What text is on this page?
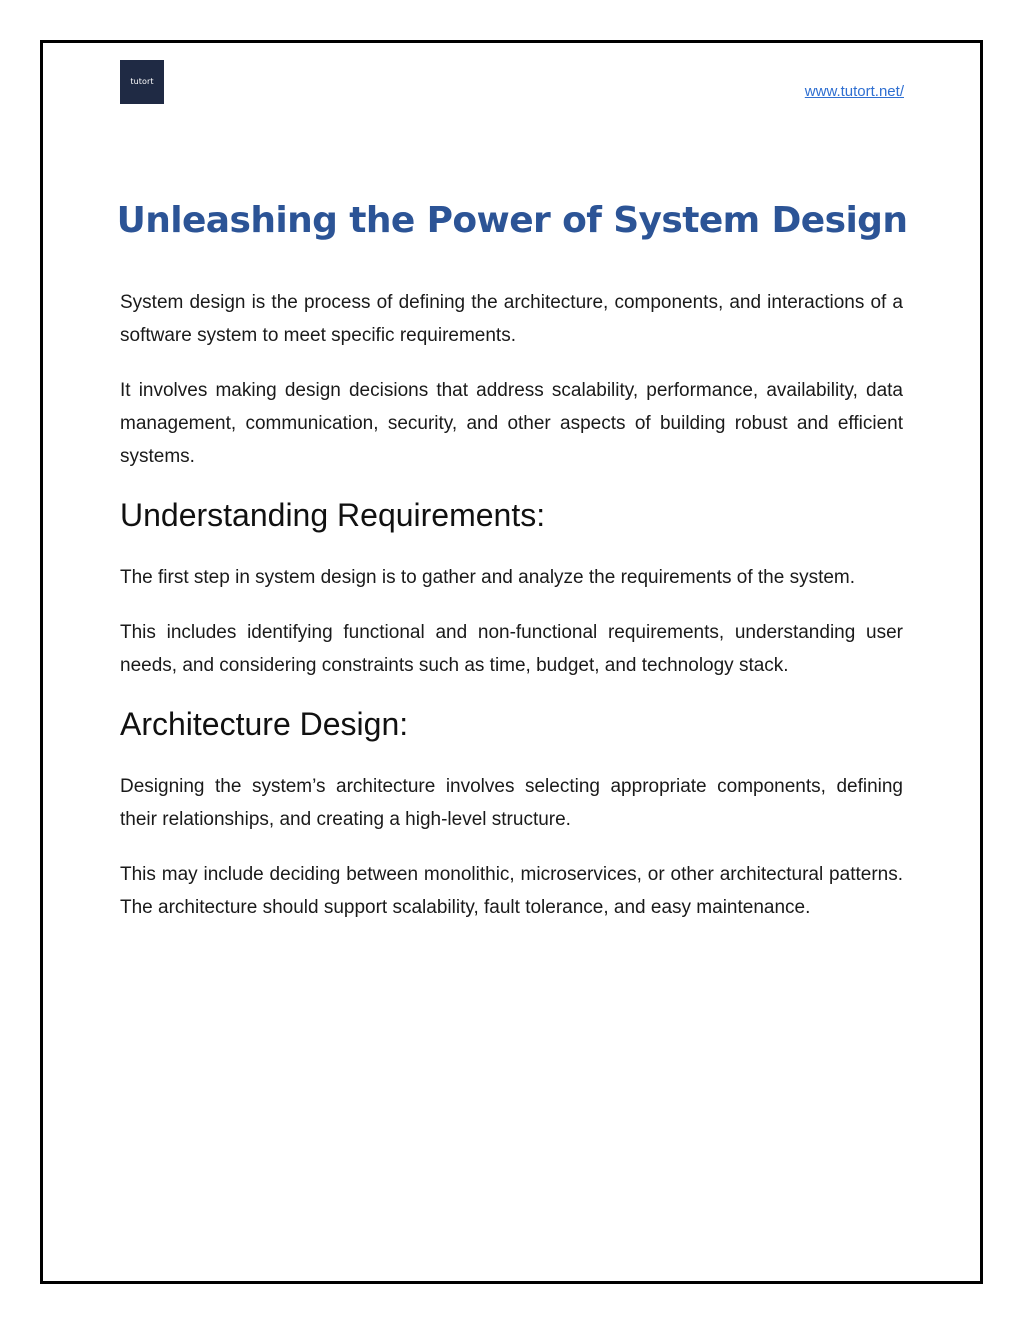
tutort
www.tutort.net/
Unleashing the Power of System Design

System design is the process of defining the architecture, components, and interactions of a software system to meet specific requirements.

It involves making design decisions that address scalability, performance, availability, data management, communication, security, and other aspects of building robust and efficient systems.

Understanding Requirements:

The first step in system design is to gather and analyze the requirements of the system.

This includes identifying functional and non-functional requirements, understanding user needs, and considering constraints such as time, budget, and technology stack.

Architecture Design:

Designing the system’s architecture involves selecting appropriate components, defining their relationships, and creating a high-level structure.

This may include deciding between monolithic, microservices, or other architectural patterns. The architecture should support scalability, fault tolerance, and easy maintenance.
